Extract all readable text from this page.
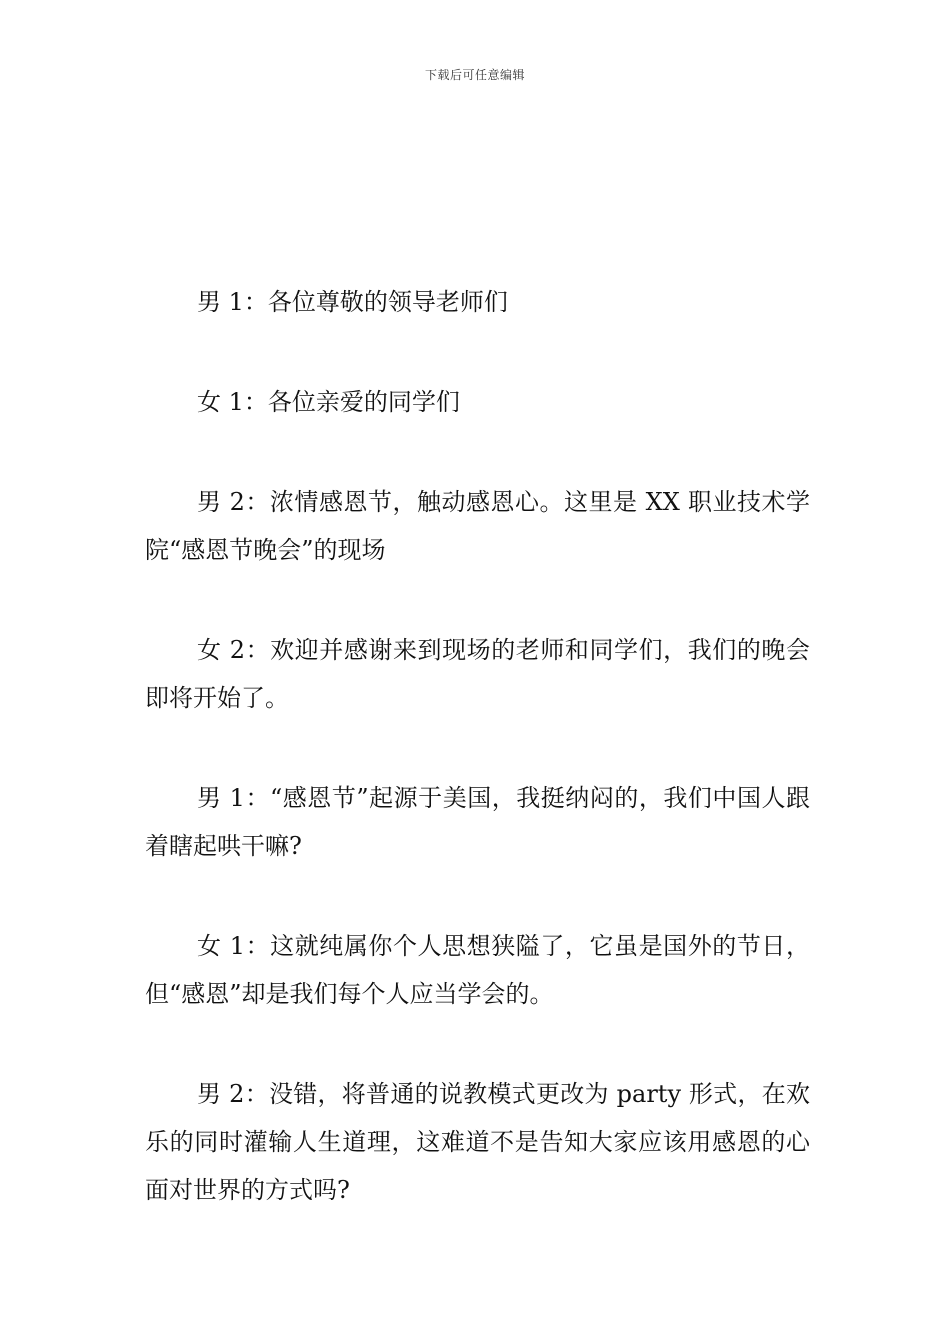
下载后可任意编辑

男 1：各位尊敬的领导老师们

女 1：各位亲爱的同学们

男 2：浓情感恩节，触动感恩心。这里是 XX 职业技术学院“感恩节晚会”的现场

女 2：欢迎并感谢来到现场的老师和同学们，我们的晚会即将开始了。

男 1：“感恩节”起源于美国，我挺纳闷的，我们中国人跟着瞎起哄干嘛?

女 1：这就纯属你个人思想狭隘了，它虽是国外的节日，但“感恩”却是我们每个人应当学会的。

男 2：没错，将普通的说教模式更改为 party 形式，在欢乐的同时灌输人生道理，这难道不是告知大家应该用感恩的心面对世界的方式吗?
